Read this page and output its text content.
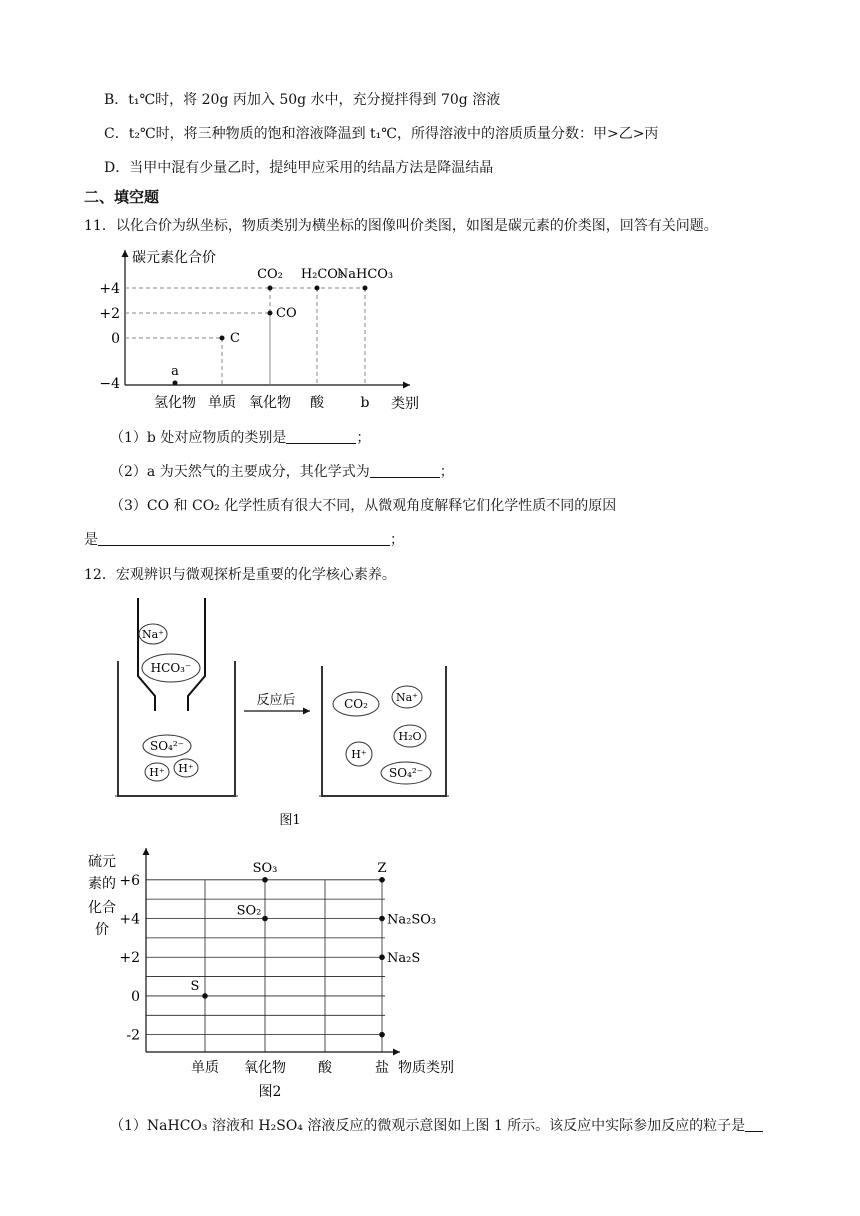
B．t₁℃时，将 20g 丙加入 50g 水中，充分搅拌得到 70g 溶液
C．t₂℃时，将三种物质的饱和溶液降温到 t₁℃，所得溶液中的溶质质量分数：甲>乙>丙
D．当甲中混有少量乙时，提纯甲应采用的结晶方法是降温结晶
二、填空题
11．以化合价为纵坐标，物质类别为横坐标的图像叫价类图，如图是碳元素的价类图，回答有关问题。
碳元素化合价
类别
+4
+2
0
−4
氢化物 单质 氧化物 酸	b
a
C
CO
CO₂ H₂CO₃
NaHCO₃
（1）b 处对应物质的类别是	；
（2）a 为天然气的主要成分，其化学式为	；
（3）CO 和 CO₂ 化学性质有很大不同，从微观角度解释它们化学性质不同的原因
是	；
12．宏观辨识与微观探析是重要的化学核心素养。
Na⁺
HCO₃⁻
SO₄²⁻
H⁺ H⁺
反应后	CO₂	Na⁺
H₂O
H⁺
SO₄²⁻
图1
硫元
素的
化合
价
+6
+4
+2
0
-2
单质 氧化物 酸	盐
S
SO₃
SO₂
Z
Na₂SO₃
Na₂S
物质类别
图2
（1）NaHCO₃ 溶液和 H₂SO₄ 溶液反应的微观示意图如上图 1 所示。该反应中实际参加反应的粒子是
